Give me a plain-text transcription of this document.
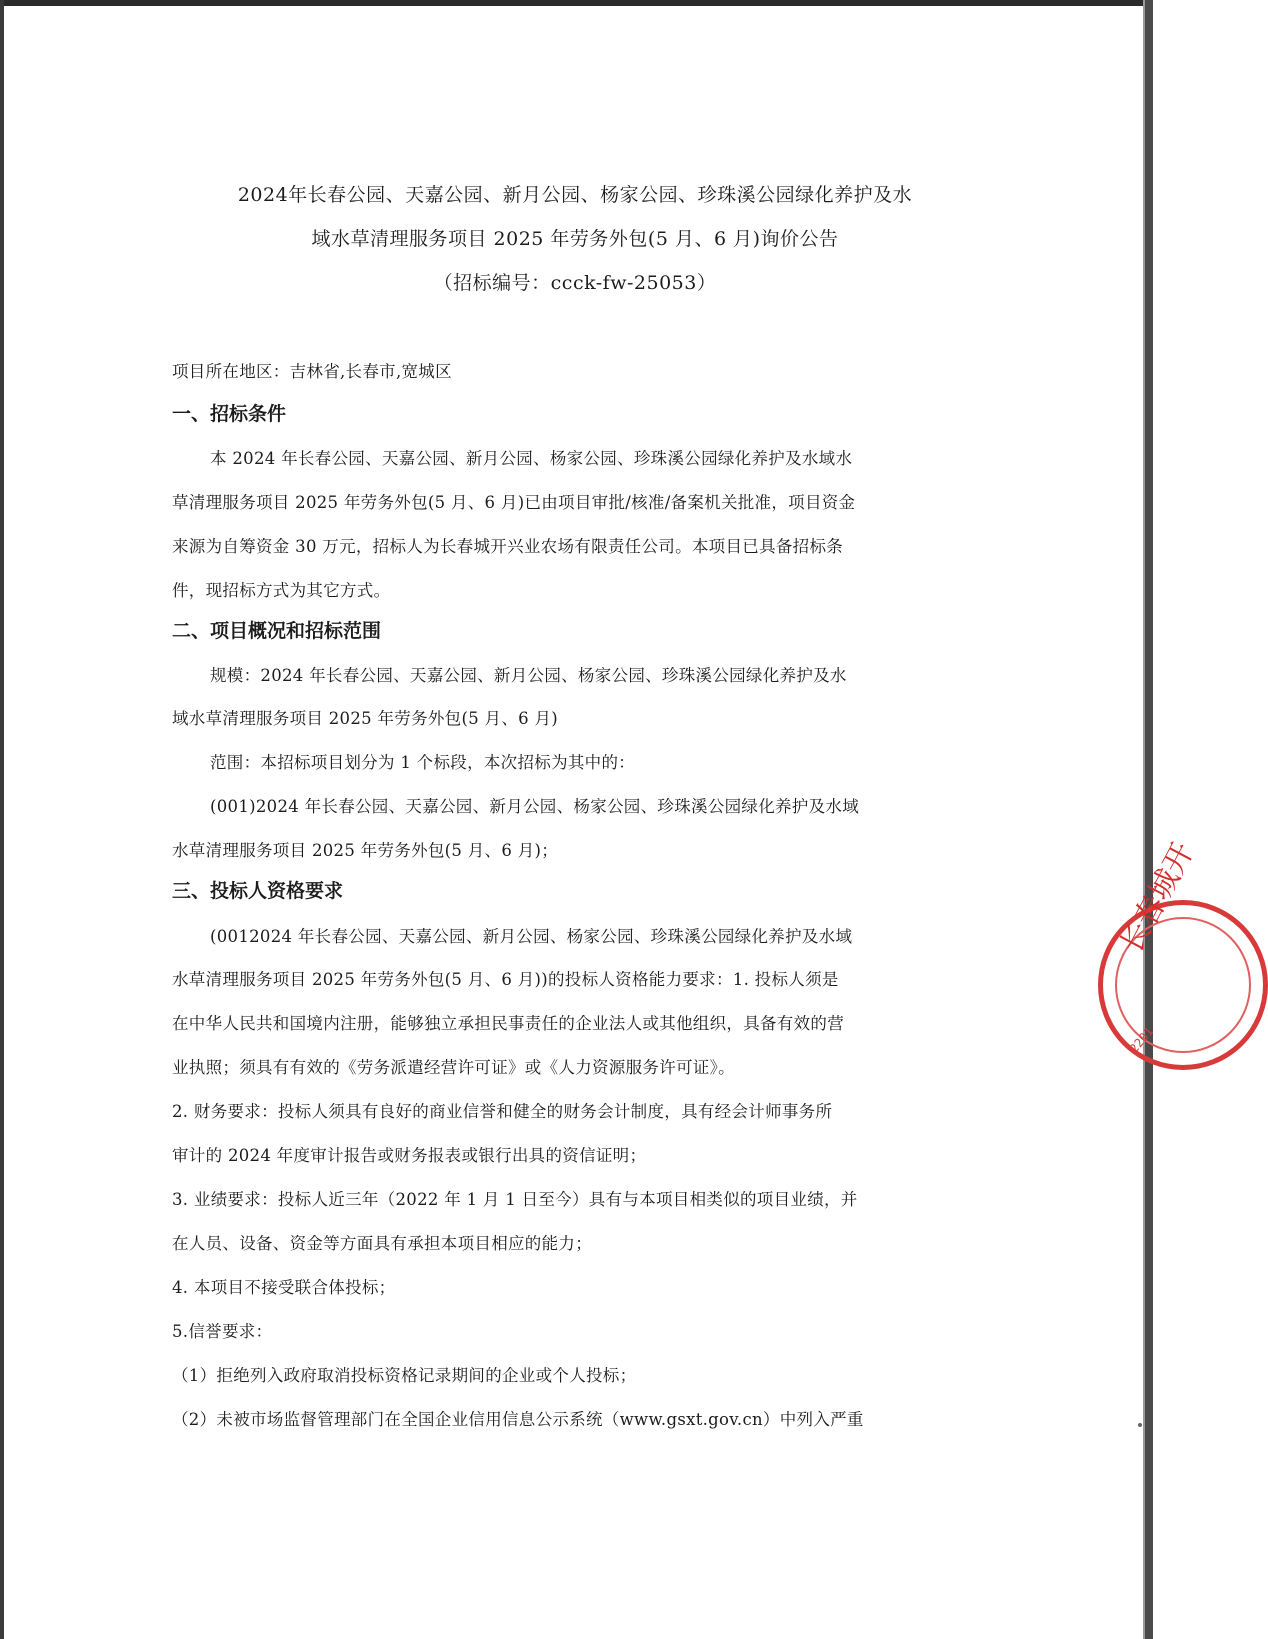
2024年长春公园、天嘉公园、新月公园、杨家公园、珍珠溪公园绿化养护及水
域水草清理服务项目 2025 年劳务外包(5 月、6 月)询价公告
（招标编号：ccck-fw-25053）
项目所在地区：吉林省,长春市,宽城区
一、招标条件
本 2024 年长春公园、天嘉公园、新月公园、杨家公园、珍珠溪公园绿化养护及水域水
草清理服务项目 2025 年劳务外包(5 月、6 月)已由项目审批/核准/备案机关批准，项目资金
来源为自筹资金 30 万元，招标人为长春城开兴业农场有限责任公司。本项目已具备招标条
件，现招标方式为其它方式。
二、项目概况和招标范围
规模：2024 年长春公园、天嘉公园、新月公园、杨家公园、珍珠溪公园绿化养护及水
域水草清理服务项目 2025 年劳务外包(5 月、6 月)
范围：本招标项目划分为 1 个标段，本次招标为其中的：
(001)2024 年长春公园、天嘉公园、新月公园、杨家公园、珍珠溪公园绿化养护及水域
水草清理服务项目 2025 年劳务外包(5 月、6 月)；
三、投标人资格要求
(0012024 年长春公园、天嘉公园、新月公园、杨家公园、珍珠溪公园绿化养护及水域
水草清理服务项目 2025 年劳务外包(5 月、6 月))的投标人资格能力要求：1. 投标人须是
在中华人民共和国境内注册，能够独立承担民事责任的企业法人或其他组织，具备有效的营
业执照；须具有有效的《劳务派遣经营许可证》或《人力资源服务许可证》。
2. 财务要求：投标人须具有良好的商业信誉和健全的财务会计制度，具有经会计师事务所
审计的 2024 年度审计报告或财务报表或银行出具的资信证明；
3. 业绩要求：投标人近三年（2022 年 1 月 1 日至今）具有与本项目相类似的项目业绩，并
在人员、设备、资金等方面具有承担本项目相应的能力；
4. 本项目不接受联合体投标；
5.信誉要求：
（1）拒绝列入政府取消投标资格记录期间的企业或个人投标；
（2）未被市场监督管理部门在全国企业信用信息公示系统（www.gsxt.gov.cn）中列入严重
长春城开
2201
